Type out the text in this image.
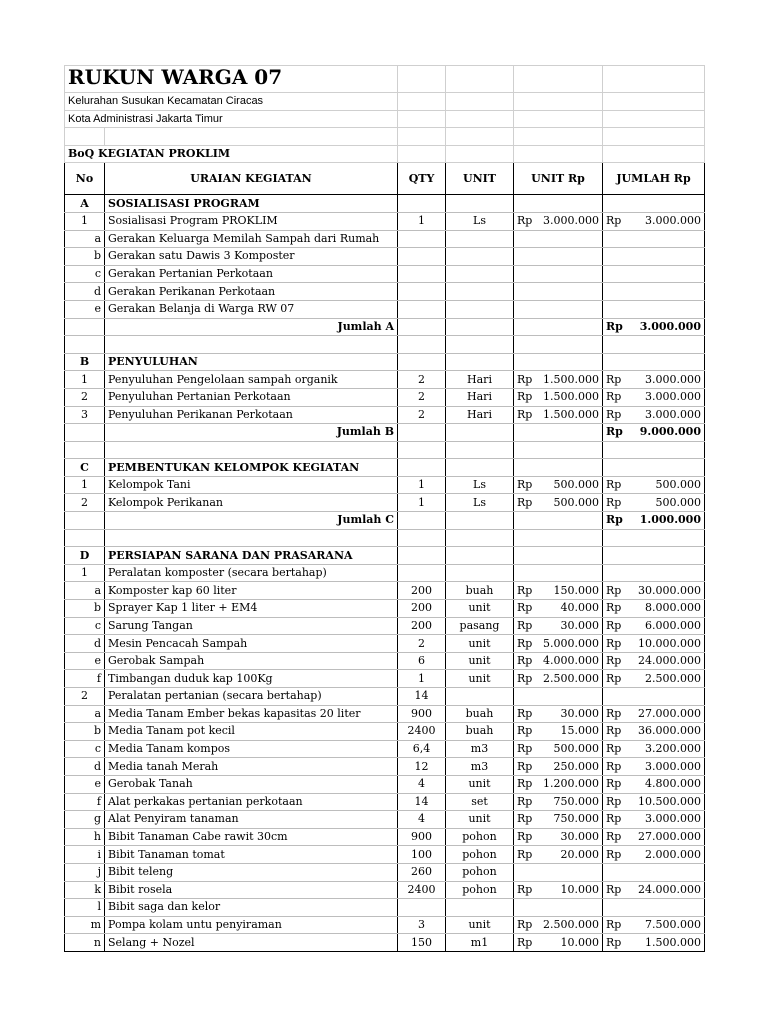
RUKUN WARGA 07					
Kelurahan Susukan Kecamatan Ciracas					
Kota Administrasi Jakarta Timur					

BoQ KEGIATAN PROKLIM					
No	URAIAN KEGIATAN	QTY	UNIT	UNIT Rp	JUMLAH Rp
A	SOSIALISASI PROGRAM				
1	Sosialisasi Program PROKLIM	1	Ls	Rp 3.000.000	Rp 3.000.000

a	Gerakan Keluarga Memilah Sampah dari Rumah				
b	Gerakan satu Dawis 3 Komposter				
c	Gerakan Pertanian Perkotaan				
d	Gerakan Perikanan Perkotaan				
e	Gerakan Belanja di Warga RW 07				
	Jumlah A				Rp 3.000.000

B	PENYULUHAN				
1	Penyuluhan Pengelolaan sampah organik	2	Hari	Rp 1.500.000	Rp 3.000.000

2	Penyuluhan Pertanian Perkotaan	2	Hari	Rp 1.500.000	Rp 3.000.000

3	Penyuluhan Perikanan Perkotaan	2	Hari	Rp 1.500.000	Rp 3.000.000

	Jumlah B				Rp 9.000.000

C	PEMBENTUKAN KELOMPOK KEGIATAN				
1	Kelompok Tani	1	Ls	Rp 500.000	Rp 500.000

2	Kelompok Perikanan	1	Ls	Rp 500.000	Rp 500.000

	Jumlah C				Rp 1.000.000

D	PERSIAPAN SARANA DAN PRASARANA				
1	Peralatan komposter (secara bertahap)				
a	Komposter kap 60 liter	200	buah	Rp 150.000	Rp 30.000.000

b	Sprayer Kap 1 liter + EM4	200	unit	Rp 40.000	Rp 8.000.000

c	Sarung Tangan	200	pasang	Rp 30.000	Rp 6.000.000

d	Mesin Pencacah Sampah	2	unit	Rp 5.000.000	Rp 10.000.000

e	Gerobak Sampah	6	unit	Rp 4.000.000	Rp 24.000.000

f	Timbangan duduk kap 100Kg	1	unit	Rp 2.500.000	Rp 2.500.000

2	Peralatan pertanian (secara bertahap)	14			
a	Media Tanam Ember bekas kapasitas 20 liter	900	buah	Rp 30.000	Rp 27.000.000

b	Media Tanam pot kecil	2400	buah	Rp 15.000	Rp 36.000.000

c	Media Tanam kompos	6,4	m3	Rp 500.000	Rp 3.200.000

d	Media tanah Merah	12	m3	Rp 250.000	Rp 3.000.000

e	Gerobak Tanah	4	unit	Rp 1.200.000	Rp 4.800.000

f	Alat perkakas pertanian perkotaan	14	set	Rp 750.000	Rp 10.500.000

g	Alat Penyiram tanaman	4	unit	Rp 750.000	Rp 3.000.000

h	Bibit Tanaman Cabe rawit 30cm	900	pohon	Rp 30.000	Rp 27.000.000

i	Bibit Tanaman tomat	100	pohon	Rp 20.000	Rp 2.000.000

j	Bibit teleng	260	pohon		
k	Bibit rosela	2400	pohon	Rp 10.000	Rp 24.000.000

l	Bibit saga dan kelor				
m	Pompa kolam untu penyiraman	3	unit	Rp 2.500.000	Rp 7.500.000

n	Selang + Nozel	150	m1	Rp 10.000	Rp 1.500.000
